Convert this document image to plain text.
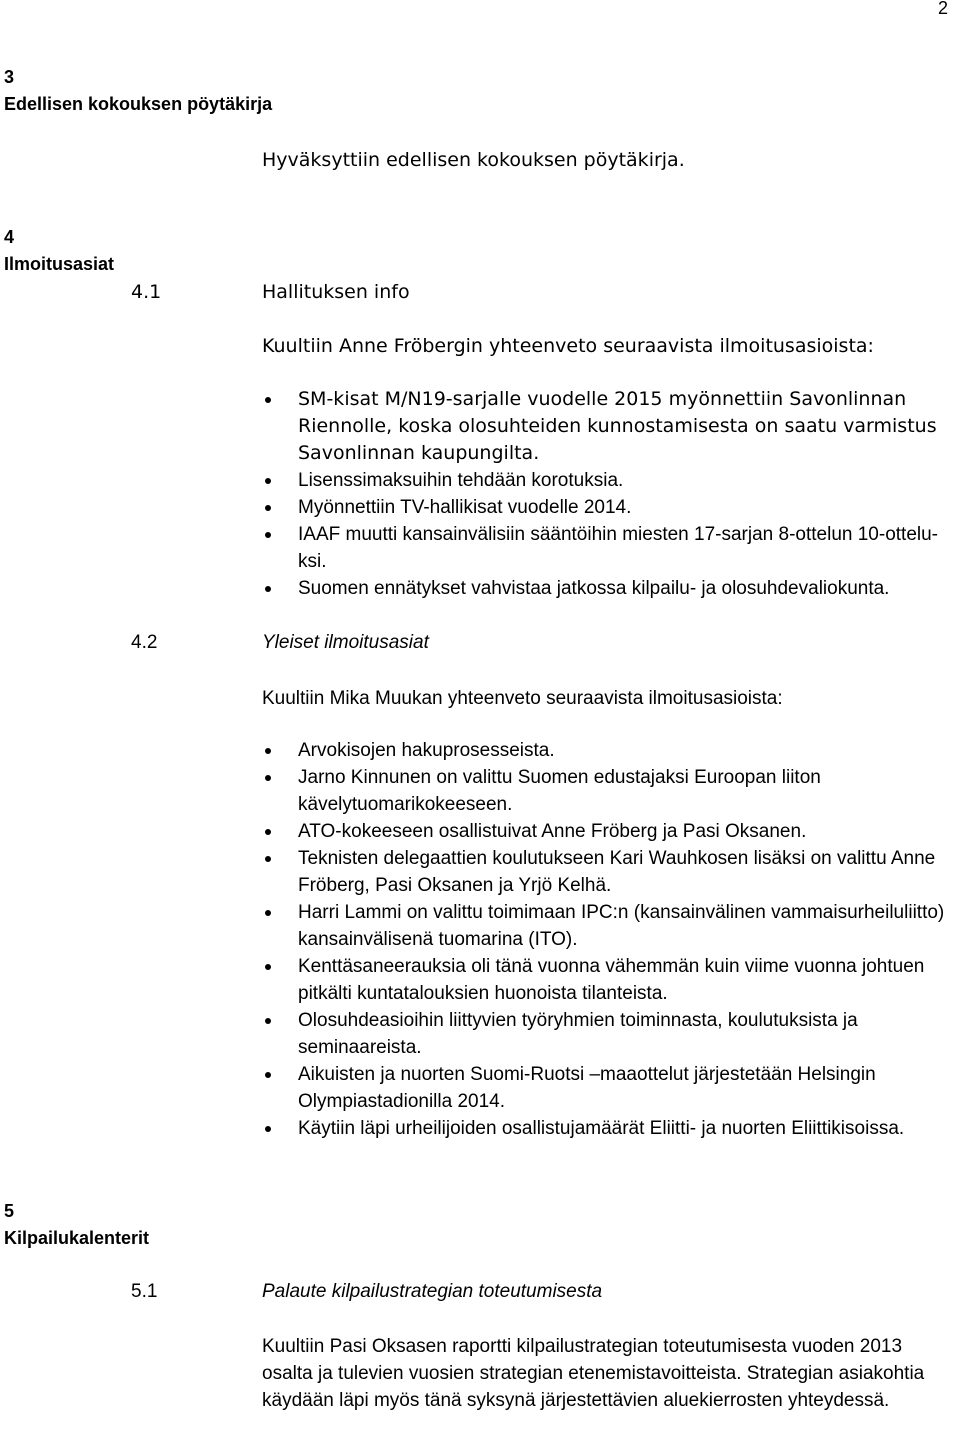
2
3
Edellisen kokouksen pöytäkirja
Hyväksyttiin edellisen kokouksen pöytäkirja.
4
Ilmoitusasiat
4.1	Hallituksen info
Kuultiin Anne Fröbergin yhteenveto seuraavista ilmoitusasioista:
SM-kisat M/N19-sarjalle vuodelle 2015 myönnettiin Savonlinnan Riennolle, koska olosuhteiden kunnostamisesta on saatu varmistus Savonlinnan kaupungilta.
Lisenssimaksuihin tehdään korotuksia.
Myönnettiin TV-hallikisat vuodelle 2014.
IAAF muutti kansainvälisiin sääntöihin miesten 17-sarjan 8-ottelun 10-otteluksi.
Suomen ennätykset vahvistaa jatkossa kilpailu- ja olosuhdevaliokunta.
4.2	Yleiset ilmoitusasiat
Kuultiin Mika Muukan yhteenveto seuraavista ilmoitusasioista:
Arvokisojen hakuprosesseista.
Jarno Kinnunen on valittu Suomen edustajaksi Euroopan liiton kävelytuomarikokeeseen.
ATO-kokeeseen osallistuivat Anne Fröberg ja Pasi Oksanen.
Teknisten delegaattien koulutukseen Kari Wauhkosen lisäksi on valittu Anne Fröberg, Pasi Oksanen ja Yrjö Kelhä.
Harri Lammi on valittu toimimaan IPC:n (kansainvälinen vammaisurheiluliitto) kansainvälisenä tuomarina (ITO).
Kenttäsaneerauksia oli tänä vuonna vähemmän kuin viime vuonna johtuen pitkälti kuntatalouksien huonoista tilanteista.
Olosuhdeasioihin liittyvien työryhmien toiminnasta, koulutuksista ja seminaareista.
Aikuisten ja nuorten Suomi-Ruotsi –maaottelut järjestetään Helsingin Olympiastadionilla 2014.
Käytiin läpi urheilijoiden osallistujamäärät Eliitti- ja nuorten Eliittikisoissa.
5
Kilpailukalenterit
5.1	Palaute kilpailustrategian toteutumisesta
Kuultiin Pasi Oksasen raportti kilpailustrategian toteutumisesta vuoden 2013 osalta ja tulevien vuosien strategian etenemistavoitteista. Strategian asiakohtia käydään läpi myös tänä syksynä järjestettävien aluekierrosten yhteydessä.
